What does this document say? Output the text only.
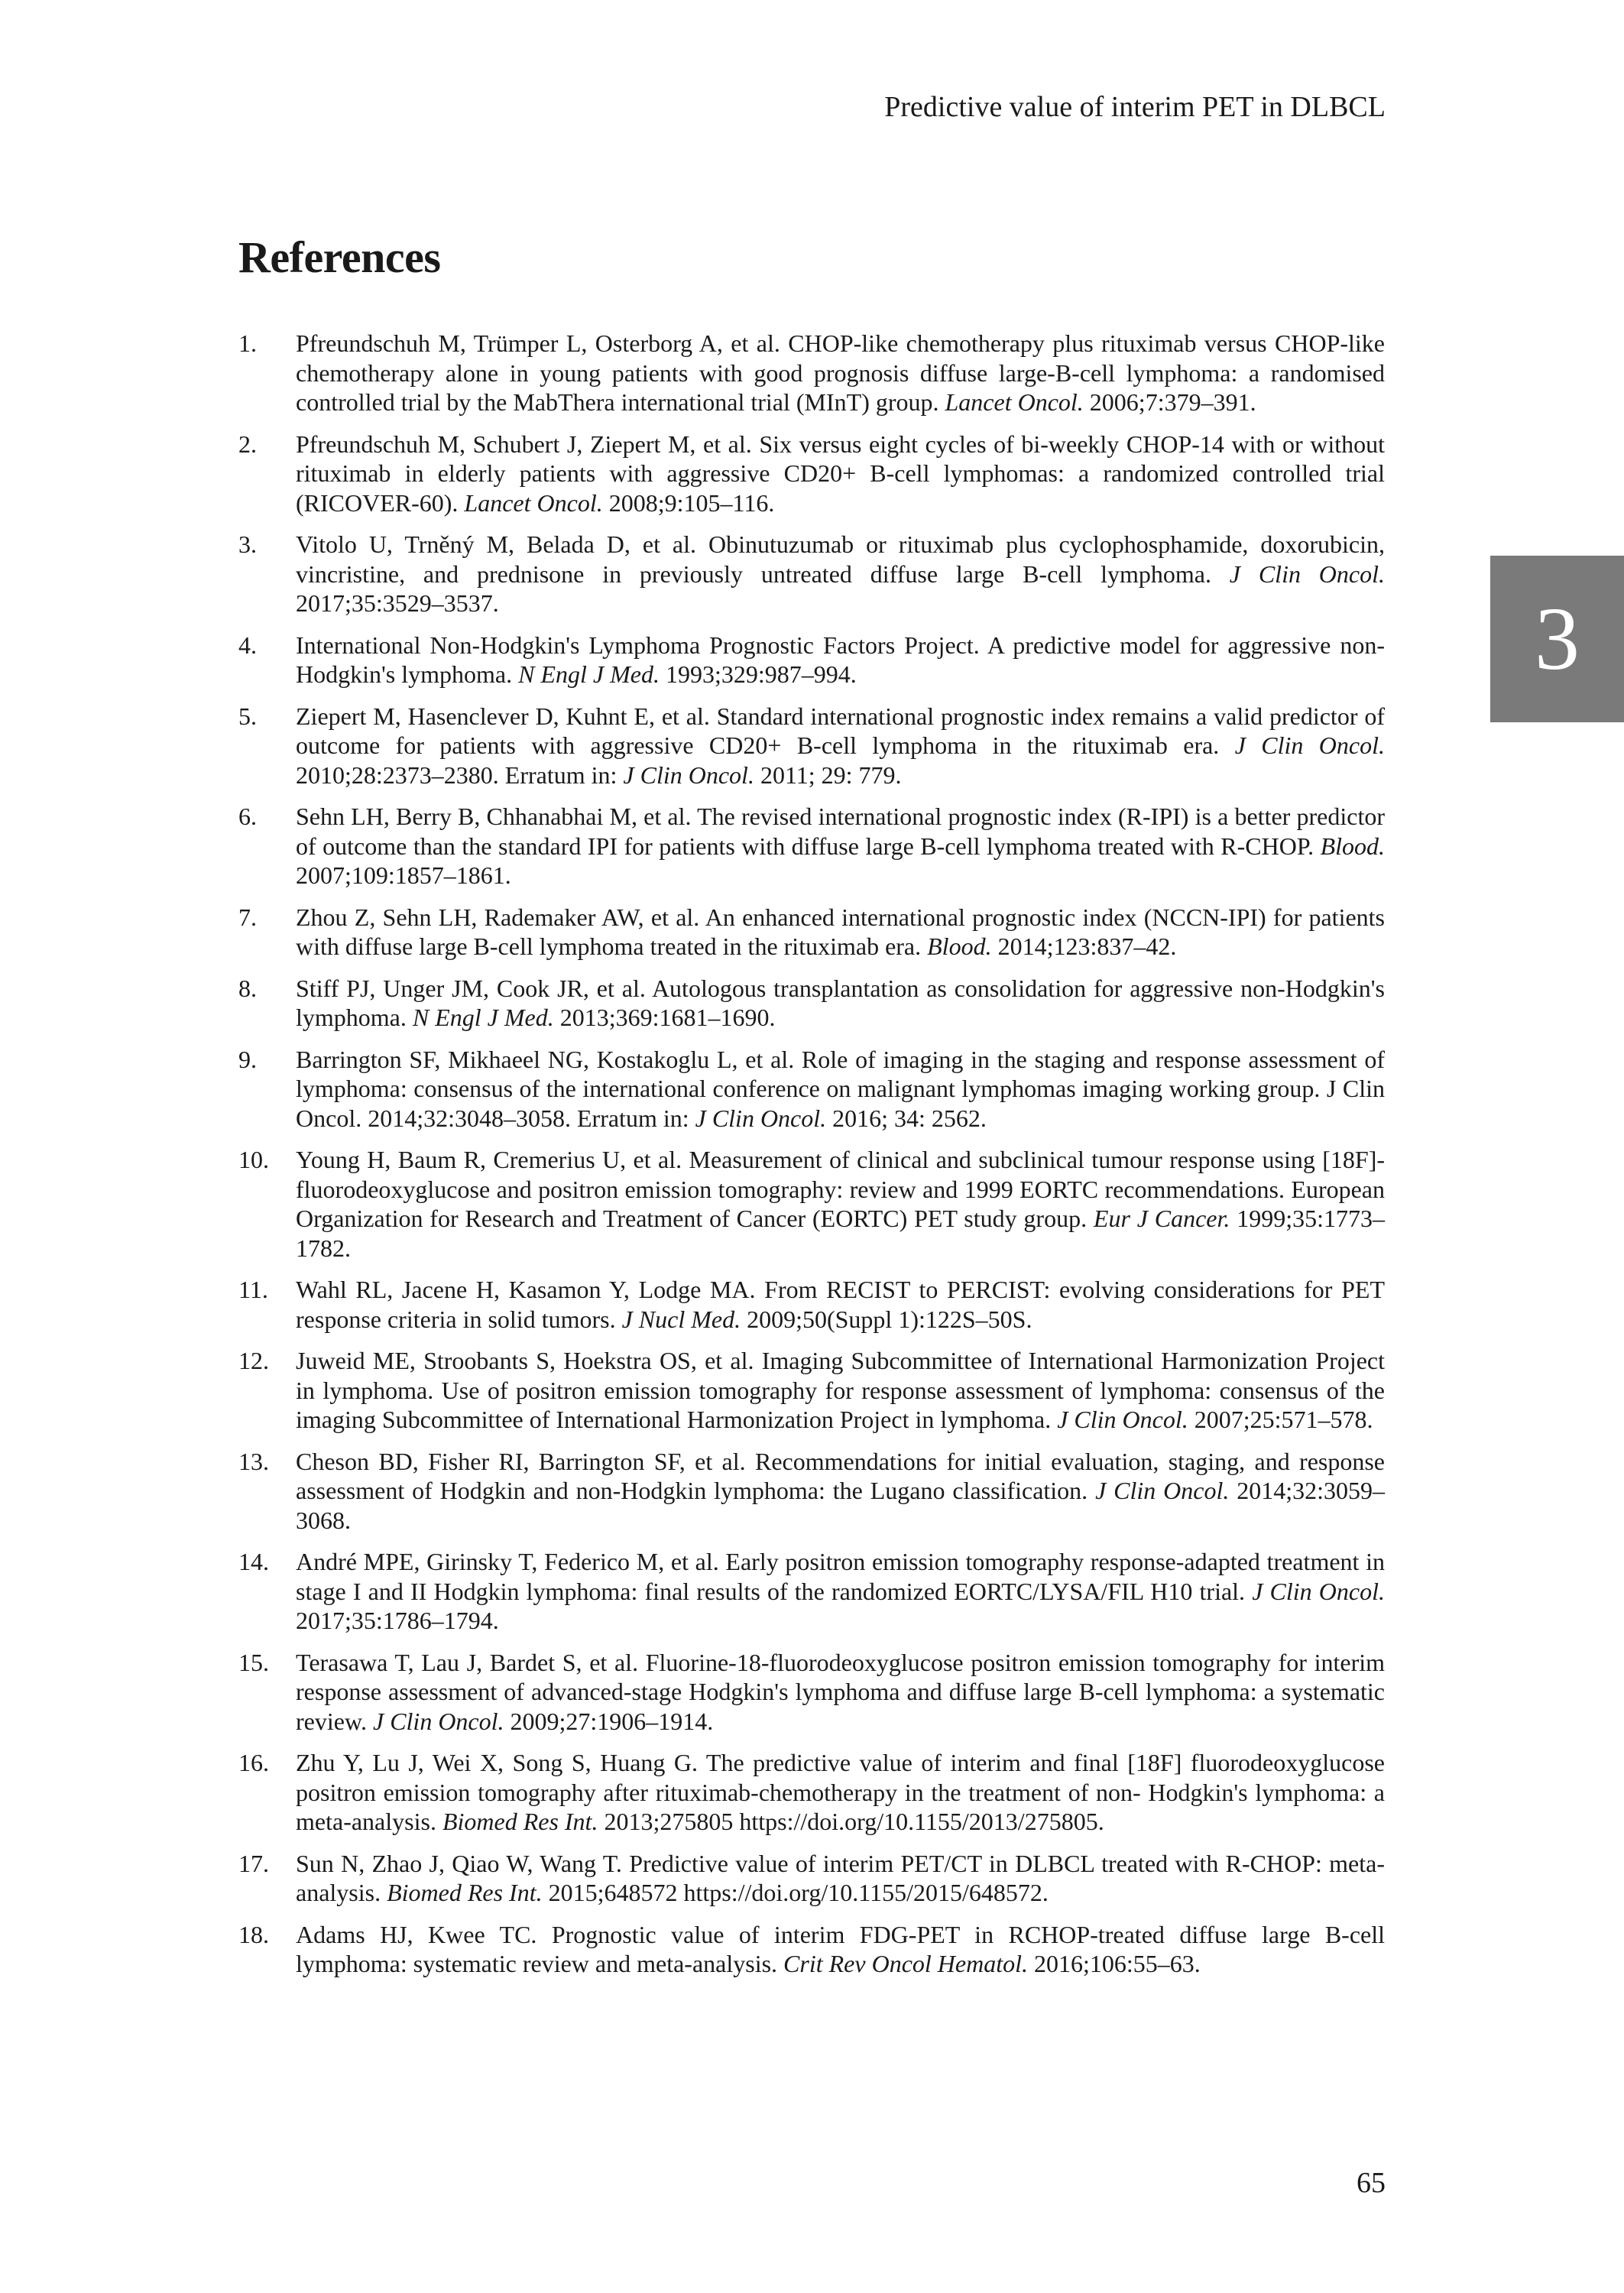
Predictive value of interim PET in DLBCL
References
1. Pfreundschuh M, Trümper L, Osterborg A, et al. CHOP-like chemotherapy plus rituximab versus CHOP-like chemotherapy alone in young patients with good prognosis diffuse large-B-cell lymphoma: a randomised controlled trial by the MabThera international trial (MInT) group. Lancet Oncol. 2006;7:379–391.
2. Pfreundschuh M, Schubert J, Ziepert M, et al. Six versus eight cycles of bi-weekly CHOP-14 with or without rituximab in elderly patients with aggressive CD20+ B-cell lymphomas: a randomized controlled trial (RICOVER-60). Lancet Oncol. 2008;9:105–116.
3. Vitolo U, Trněný M, Belada D, et al. Obinutuzumab or rituximab plus cyclophosphamide, doxorubicin, vincristine, and prednisone in previously untreated diffuse large B-cell lymphoma. J Clin Oncol. 2017;35:3529–3537.
4. International Non-Hodgkin's Lymphoma Prognostic Factors Project. A predictive model for aggressive non-Hodgkin's lymphoma. N Engl J Med. 1993;329:987–994.
5. Ziepert M, Hasenclever D, Kuhnt E, et al. Standard international prognostic index remains a valid predictor of outcome for patients with aggressive CD20+ B-cell lymphoma in the rituximab era. J Clin Oncol. 2010;28:2373–2380. Erratum in: J Clin Oncol. 2011; 29: 779.
6. Sehn LH, Berry B, Chhanabhai M, et al. The revised international prognostic index (R-IPI) is a better predictor of outcome than the standard IPI for patients with diffuse large B-cell lymphoma treated with R-CHOP. Blood. 2007;109:1857–1861.
7. Zhou Z, Sehn LH, Rademaker AW, et al. An enhanced international prognostic index (NCCN-IPI) for patients with diffuse large B-cell lymphoma treated in the rituximab era. Blood. 2014;123:837–42.
8. Stiff PJ, Unger JM, Cook JR, et al. Autologous transplantation as consolidation for aggressive non-Hodgkin's lymphoma. N Engl J Med. 2013;369:1681–1690.
9. Barrington SF, Mikhaeel NG, Kostakoglu L, et al. Role of imaging in the staging and response assessment of lymphoma: consensus of the international conference on malignant lymphomas imaging working group. J Clin Oncol. 2014;32:3048–3058. Erratum in: J Clin Oncol. 2016; 34: 2562.
10. Young H, Baum R, Cremerius U, et al. Measurement of clinical and subclinical tumour response using [18F]-fluorodeoxyglucose and positron emission tomography: review and 1999 EORTC recommendations. European Organization for Research and Treatment of Cancer (EORTC) PET study group. Eur J Cancer. 1999;35:1773–1782.
11. Wahl RL, Jacene H, Kasamon Y, Lodge MA. From RECIST to PERCIST: evolving considerations for PET response criteria in solid tumors. J Nucl Med. 2009;50(Suppl 1):122S–50S.
12. Juweid ME, Stroobants S, Hoekstra OS, et al. Imaging Subcommittee of International Harmonization Project in lymphoma. Use of positron emission tomography for response assessment of lymphoma: consensus of the imaging Subcommittee of International Harmonization Project in lymphoma. J Clin Oncol. 2007;25:571–578.
13. Cheson BD, Fisher RI, Barrington SF, et al. Recommendations for initial evaluation, staging, and response assessment of Hodgkin and non-Hodgkin lymphoma: the Lugano classification. J Clin Oncol. 2014;32:3059–3068.
14. André MPE, Girinsky T, Federico M, et al. Early positron emission tomography response-adapted treatment in stage I and II Hodgkin lymphoma: final results of the randomized EORTC/LYSA/FIL H10 trial. J Clin Oncol. 2017;35:1786–1794.
15. Terasawa T, Lau J, Bardet S, et al. Fluorine-18-fluorodeoxyglucose positron emission tomography for interim response assessment of advanced-stage Hodgkin's lymphoma and diffuse large B-cell lymphoma: a systematic review. J Clin Oncol. 2009;27:1906–1914.
16. Zhu Y, Lu J, Wei X, Song S, Huang G. The predictive value of interim and final [18F] fluorodeoxyglucose positron emission tomography after rituximab-chemotherapy in the treatment of non- Hodgkin's lymphoma: a meta-analysis. Biomed Res Int. 2013;275805 https://doi.org/10.1155/2013/275805.
17. Sun N, Zhao J, Qiao W, Wang T. Predictive value of interim PET/CT in DLBCL treated with R-CHOP: meta-analysis. Biomed Res Int. 2015;648572 https://doi.org/10.1155/2015/648572.
18. Adams HJ, Kwee TC. Prognostic value of interim FDG-PET in RCHOP-treated diffuse large B-cell lymphoma: systematic review and meta-analysis. Crit Rev Oncol Hematol. 2016;106:55–63.
3
65
